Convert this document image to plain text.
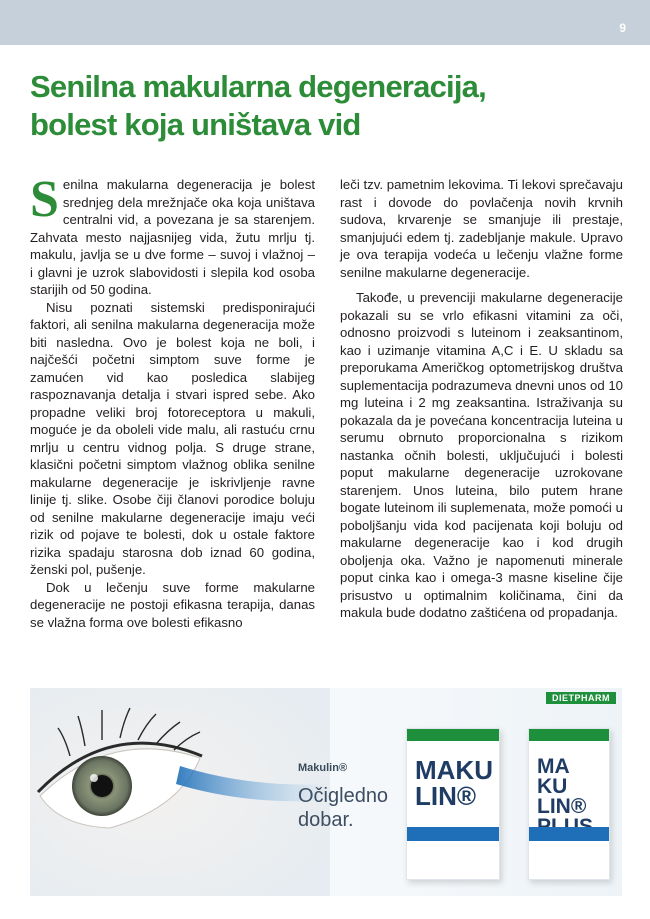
9
Senilna makularna degeneracija,
bolest koja uništava vid

Senilna makularna degeneracija je bolest srednjeg dela mrežnjače oka koja uništava centralni vid, a povezana je sa starenjem. Zahvata mesto najjasnijeg vida, žutu mrlju tj. makulu, javlja se u dve forme – suvoj i vlažnoj – i glavni je uzrok slabovidosti i slepila kod osoba starijih od 50 godina.

Nisu poznati sistemski predisponirajući faktori, ali senilna makularna degeneracija može biti nasledna. Ovo je bolest koja ne boli, i najčešći početni simptom suve forme je zamućen vid kao posledica slabijeg raspoznavanja detalja i stvari ispred sebe. Ako propadne veliki broj fotoreceptora u makuli, moguće je da oboleli vide malu, ali rastuću crnu mrlju u centru vidnog polja. S druge strane, klasični početni simptom vlažnog oblika senilne makularne degeneracije je iskrivljenje ravne linije tj. slike. Osobe čiji članovi porodice boluju od senilne makularne degeneracije imaju veći rizik od pojave te bolesti, dok u ostale faktore rizika spadaju starosna dob iznad 60 godina, ženski pol, pušenje.

Dok u lečenju suve forme makularne degeneracije ne postoji efikasna terapija, danas se vlažna forma ove bolesti efikasno

leči tzv. pametnim lekovima. Ti lekovi sprečavaju rast i dovode do povlačenja novih krvnih sudova, krvarenje se smanjuje ili prestaje, smanjujući edem tj. zadebljanje makule. Upravo je ova terapija vodeća u lečenju vlažne forme senilne makularne degeneracije.

Takođe, u prevenciji makularne degeneracije pokazali su se vrlo efikasni vitamini za oči, odnosno proizvodi s luteinom i zeaksantinom, kao i uzimanje vitamina A,C i E. U skladu sa preporukama Američkog optometrijskog društva suplementacija podrazumeva dnevni unos od 10 mg luteina i 2 mg zeaksantina. Istraživanja su pokazala da je povećana koncentracija luteina u serumu obrnuto proporcionalna s rizikom nastanka očnih bolesti, uključujući i bolesti poput makularne degeneracije uzrokovane starenjem. Unos luteina, bilo putem hrane bogate luteinom ili suplemenata, može pomoći u poboljšanju vida kod pacijenata koji boluju od makularne degeneracije kao i kod drugih oboljenja oka. Važno je napomenuti minerale poput cinka kao i omega-3 masne kiseline čije prisustvo u optimalnim količinama, čini da makula bude dodatno zaštićena od propadanja.

DIETPHARM
Makulin®
Očigledno
dobar.
MAKU
LIN®
MA
KU
LIN®
